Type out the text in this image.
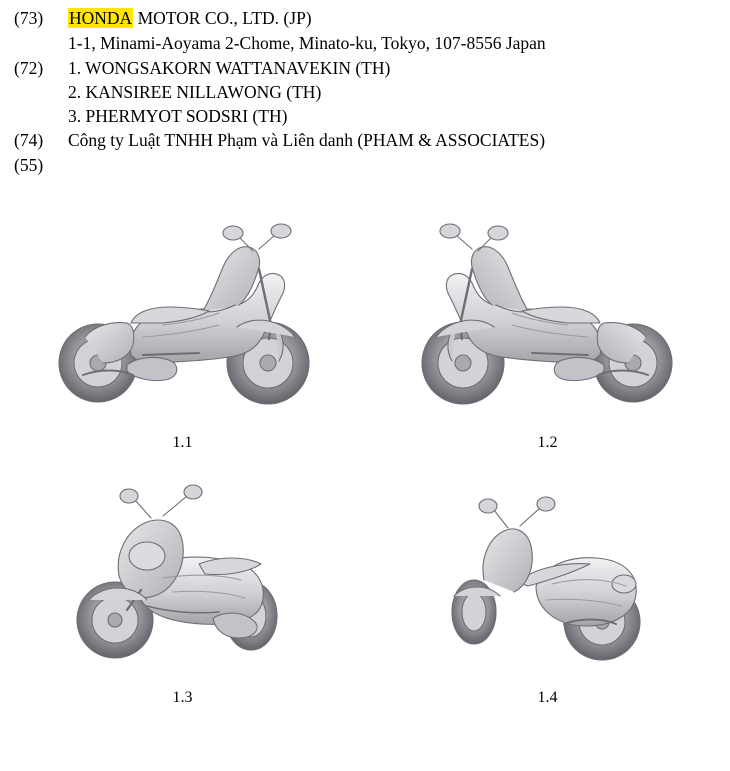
(73)	HONDA MOTOR CO., LTD. (JP)
1-1, Minami-Aoyama 2-Chome, Minato-ku, Tokyo, 107-8556 Japan
(72)	1. WONGSAKORN WATTANAVEKIN (TH)
2. KANSIREE NILLAWONG (TH)
3. PHERMYOT SODSRI (TH)
(74)	Công ty Luật TNHH Phạm và Liên danh (PHAM & ASSOCIATES)
(55)
1.1	1.2
1.3	1.4
